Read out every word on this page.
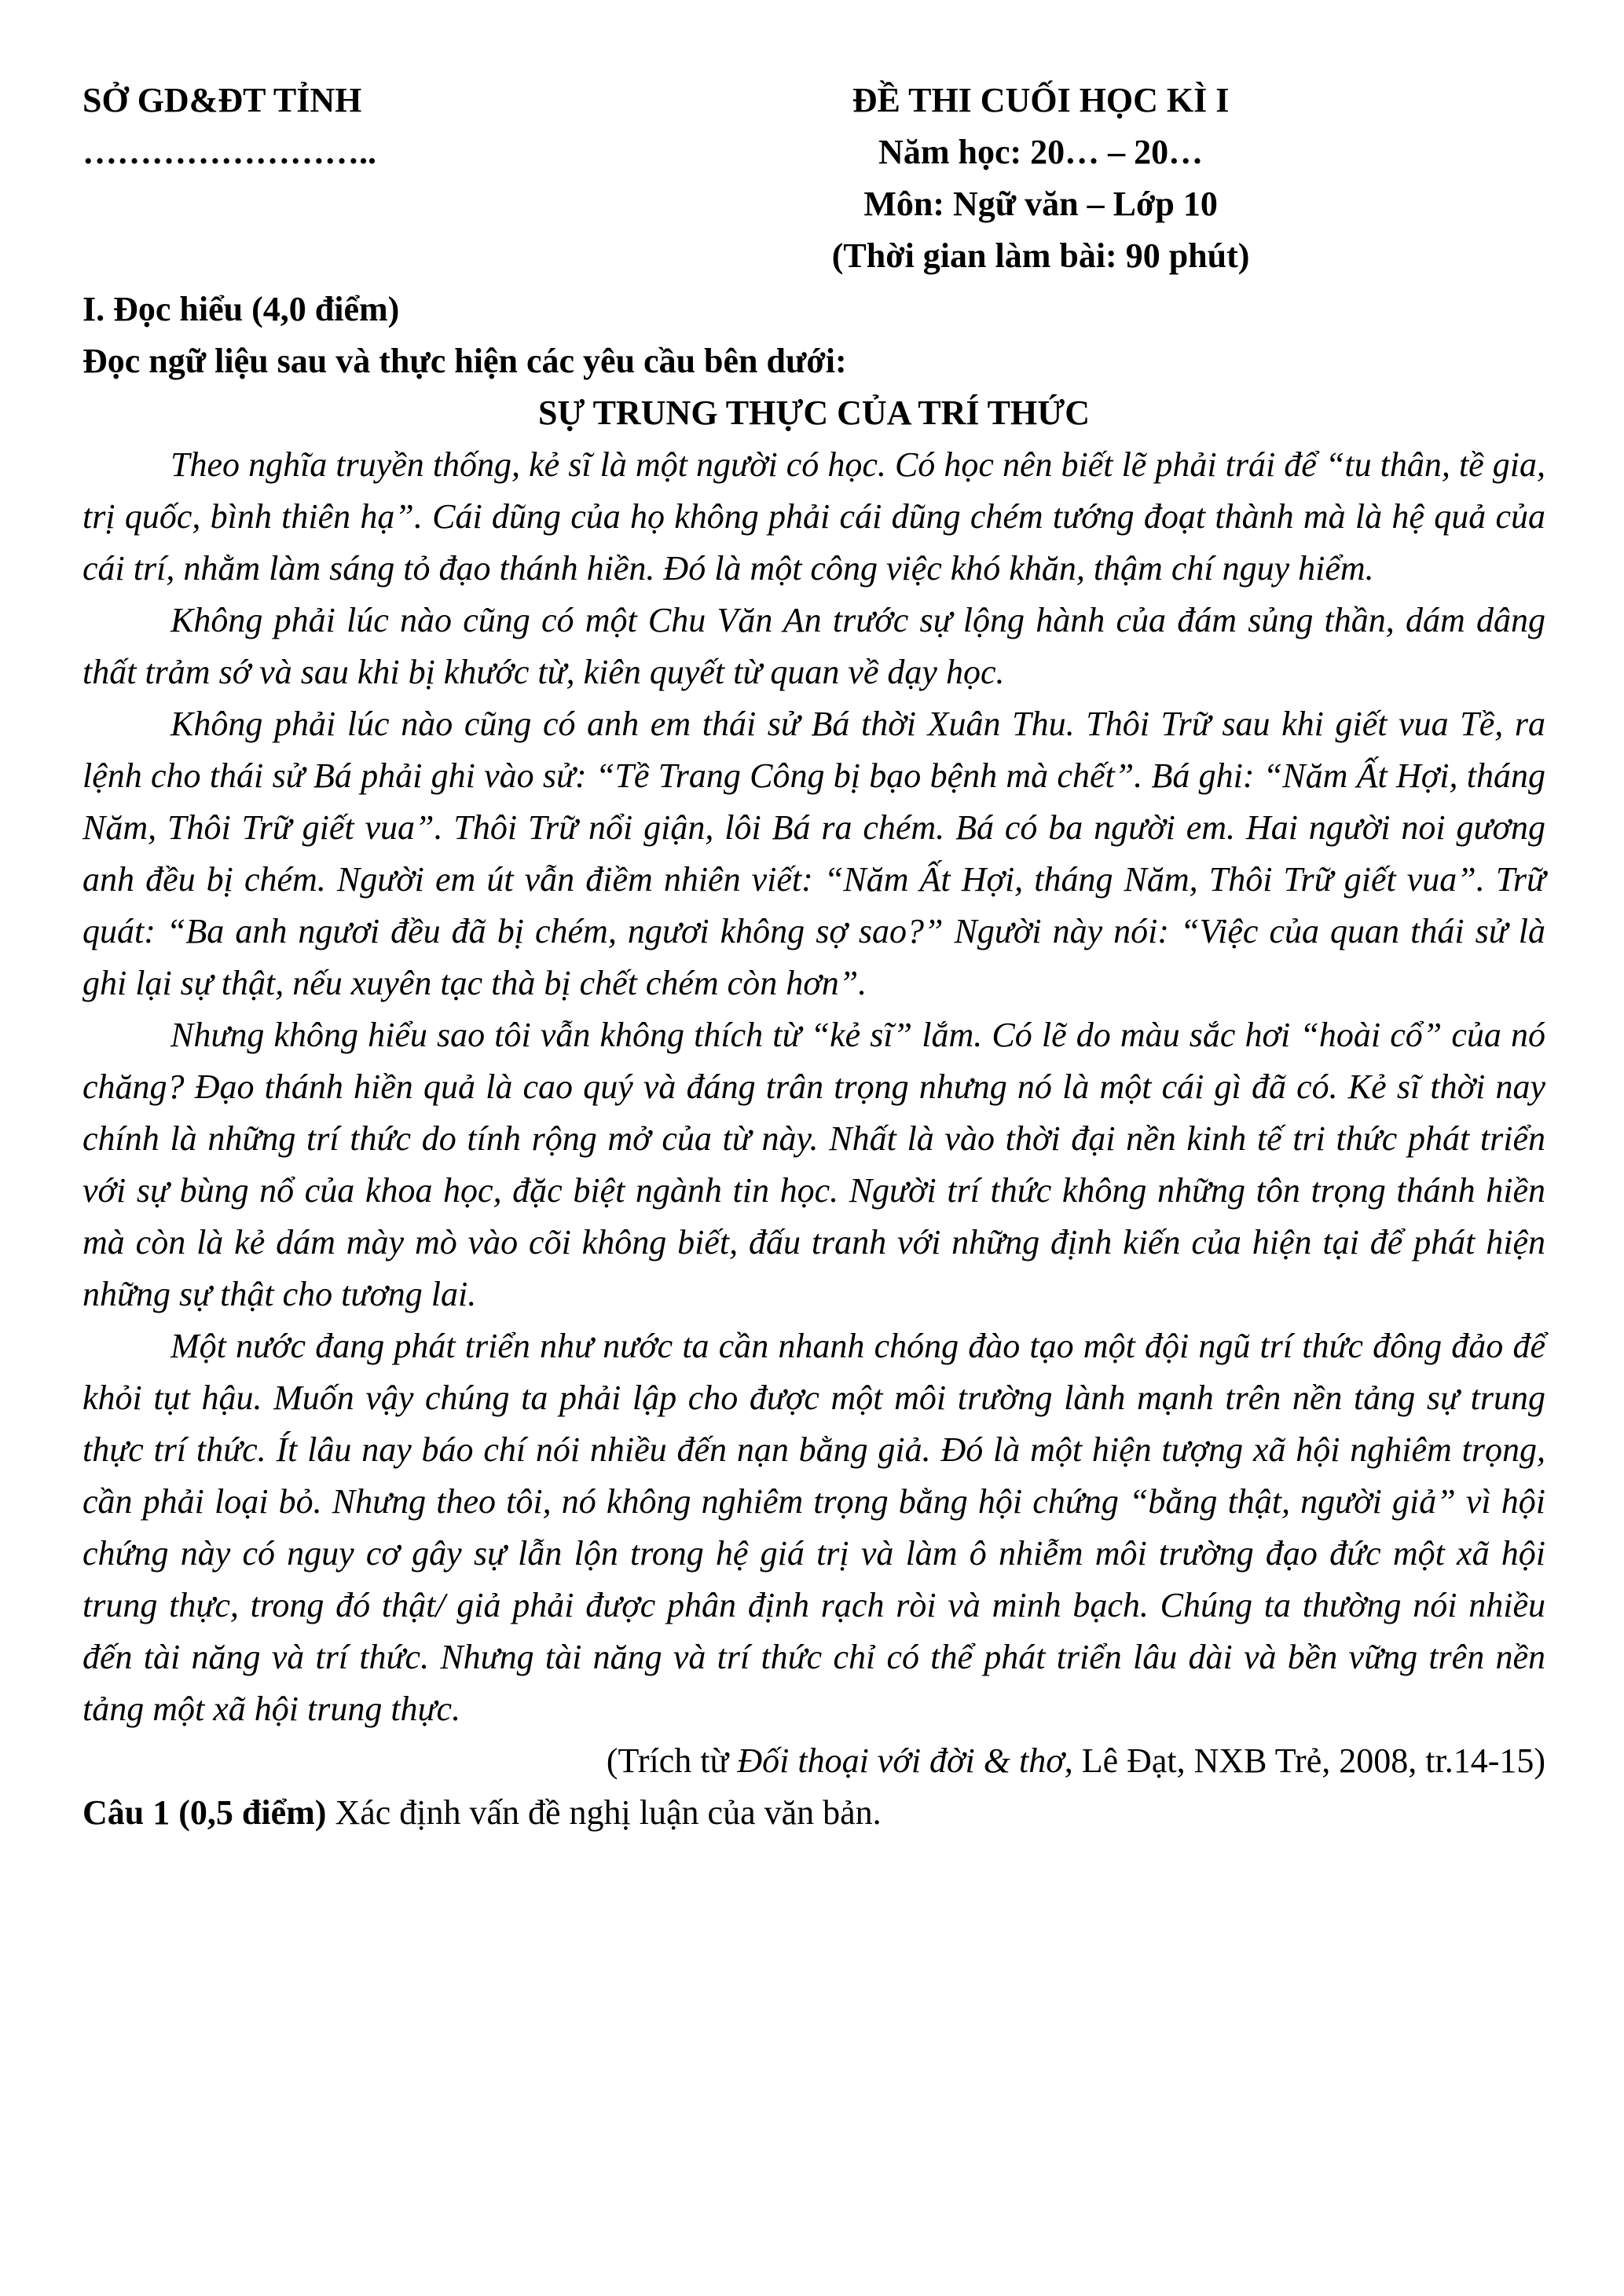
SỞ GD&ĐT TỈNH
……………………..
ĐỀ THI CUỐI HỌC KÌ I
Năm học: 20… – 20…
Môn: Ngữ văn – Lớp 10
(Thời gian làm bài: 90 phút)
I. Đọc hiểu (4,0 điểm)

Đọc ngữ liệu sau và thực hiện các yêu cầu bên dưới:

SỰ TRUNG THỰC CỦA TRÍ THỨC

Theo nghĩa truyền thống, kẻ sĩ là một người có học. Có học nên biết lẽ phải trái để “tu thân, tề gia, trị quốc, bình thiên hạ”. Cái dũng của họ không phải cái dũng chém tướng đoạt thành mà là hệ quả của cái trí, nhằm làm sáng tỏ đạo thánh hiền. Đó là một công việc khó khăn, thậm chí nguy hiểm.

Không phải lúc nào cũng có một Chu Văn An trước sự lộng hành của đám sủng thần, dám dâng thất trảm sớ và sau khi bị khước từ, kiên quyết từ quan về dạy học.

Không phải lúc nào cũng có anh em thái sử Bá thời Xuân Thu. Thôi Trữ sau khi giết vua Tề, ra lệnh cho thái sử Bá phải ghi vào sử: “Tề Trang Công bị bạo bệnh mà chết”. Bá ghi: “Năm Ất Hợi, tháng Năm, Thôi Trữ giết vua”. Thôi Trữ nổi giận, lôi Bá ra chém. Bá có ba người em. Hai người noi gương anh đều bị chém. Người em út vẫn điềm nhiên viết: “Năm Ất Hợi, tháng Năm, Thôi Trữ giết vua”. Trữ quát: “Ba anh ngươi đều đã bị chém, ngươi không sợ sao?” Người này nói: “Việc của quan thái sử là ghi lại sự thật, nếu xuyên tạc thà bị chết chém còn hơn”.

Nhưng không hiểu sao tôi vẫn không thích từ “kẻ sĩ” lắm. Có lẽ do màu sắc hơi “hoài cổ” của nó chăng? Đạo thánh hiền quả là cao quý và đáng trân trọng nhưng nó là một cái gì đã có. Kẻ sĩ thời nay chính là những trí thức do tính rộng mở của từ này. Nhất là vào thời đại nền kinh tế tri thức phát triển với sự bùng nổ của khoa học, đặc biệt ngành tin học. Người trí thức không những tôn trọng thánh hiền mà còn là kẻ dám mày mò vào cõi không biết, đấu tranh với những định kiến của hiện tại để phát hiện những sự thật cho tương lai.

Một nước đang phát triển như nước ta cần nhanh chóng đào tạo một đội ngũ trí thức đông đảo để khỏi tụt hậu. Muốn vậy chúng ta phải lập cho được một môi trường lành mạnh trên nền tảng sự trung thực trí thức. Ít lâu nay báo chí nói nhiều đến nạn bằng giả. Đó là một hiện tượng xã hội nghiêm trọng, cần phải loại bỏ. Nhưng theo tôi, nó không nghiêm trọng bằng hội chứng “bằng thật, người giả” vì hội chứng này có nguy cơ gây sự lẫn lộn trong hệ giá trị và làm ô nhiễm môi trường đạo đức một xã hội trung thực, trong đó thật/ giả phải được phân định rạch ròi và minh bạch. Chúng ta thường nói nhiều đến tài năng và trí thức. Nhưng tài năng và trí thức chỉ có thể phát triển lâu dài và bền vững trên nền tảng một xã hội trung thực.

(Trích từ Đối thoại với đời & thơ, Lê Đạt, NXB Trẻ, 2008, tr.14-15)

Câu 1 (0,5 điểm) Xác định vấn đề nghị luận của văn bản.
